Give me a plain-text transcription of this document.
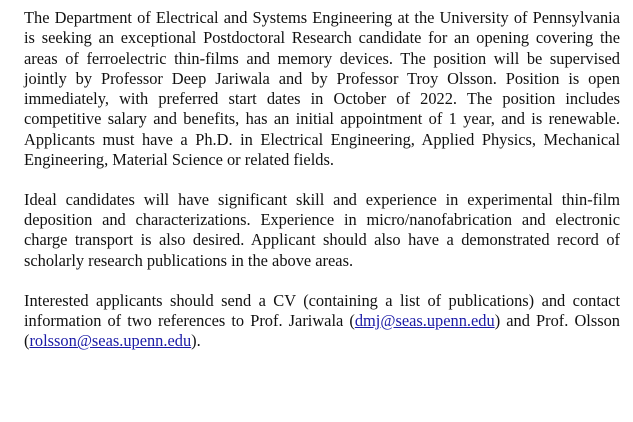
The Department of Electrical and Systems Engineering at the University of Pennsylvania is seeking an exceptional Postdoctoral Research candidate for an opening covering the areas of ferroelectric thin-films and memory devices. The position will be supervised jointly by Professor Deep Jariwala and by Professor Troy Olsson. Position is open immediately, with preferred start dates in October of 2022. The position includes competitive salary and benefits, has an initial appointment of 1 year, and is renewable. Applicants must have a Ph.D. in Electrical Engineering, Applied Physics, Mechanical Engineering, Material Science or related fields.

Ideal candidates will have significant skill and experience in experimental thin-film deposition and characterizations. Experience in micro/nanofabrication and electronic charge transport is also desired. Applicant should also have a demonstrated record of scholarly research publications in the above areas.

Interested applicants should send a CV (containing a list of publications) and contact information of two references to Prof. Jariwala (dmj@seas.upenn.edu) and Prof. Olsson (rolsson@seas.upenn.edu).
